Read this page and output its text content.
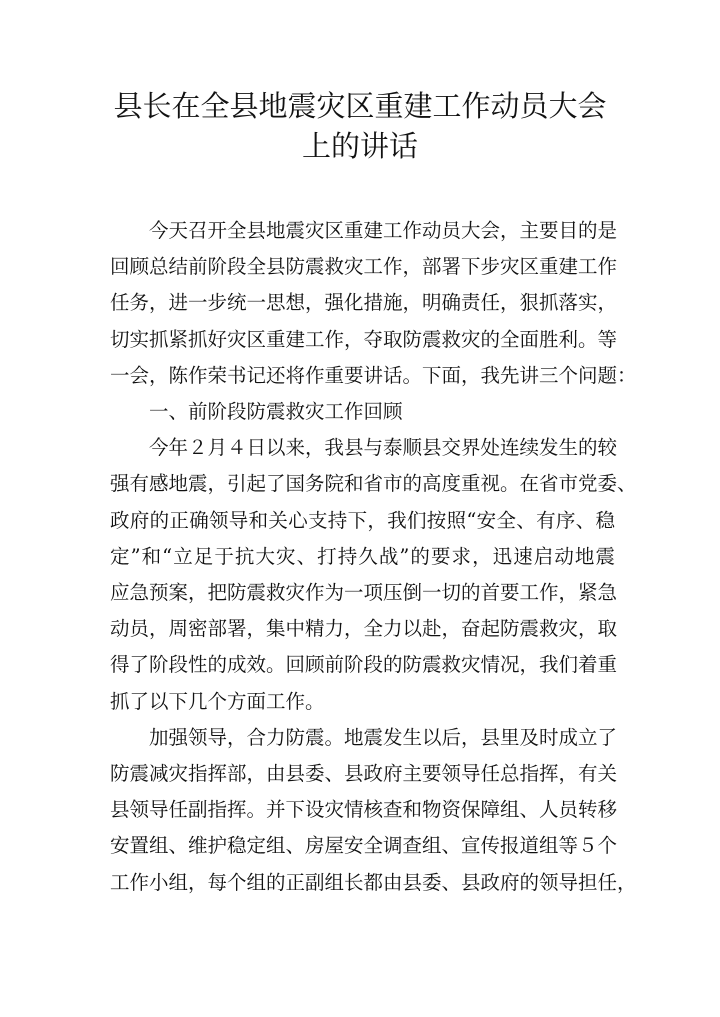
县长在全县地震灾区重建工作动员大会
上的讲话
今天召开全县地震灾区重建工作动员大会，主要目的是
回顾总结前阶段全县防震救灾工作，部署下步灾区重建工作
任务，进一步统一思想，强化措施，明确责任，狠抓落实，
切实抓紧抓好灾区重建工作，夺取防震救灾的全面胜利。等
一会，陈作荣书记还将作重要讲话。下面，我先讲三个问题：
一、前阶段防震救灾工作回顾
今年２月４日以来，我县与泰顺县交界处连续发生的较
强有感地震，引起了国务院和省市的高度重视。在省市党委、
政府的正确领导和关心支持下，我们按照“安全、有序、稳
定”和“立足于抗大灾、打持久战”的要求，迅速启动地震
应急预案，把防震救灾作为一项压倒一切的首要工作，紧急
动员，周密部署，集中精力，全力以赴，奋起防震救灾，取
得了阶段性的成效。回顾前阶段的防震救灾情况，我们着重
抓了以下几个方面工作。
加强领导，合力防震。地震发生以后，县里及时成立了
防震减灾指挥部，由县委、县政府主要领导任总指挥，有关
县领导任副指挥。并下设灾情核查和物资保障组、人员转移
安置组、维护稳定组、房屋安全调查组、宣传报道组等５个
工作小组，每个组的正副组长都由县委、县政府的领导担任，
